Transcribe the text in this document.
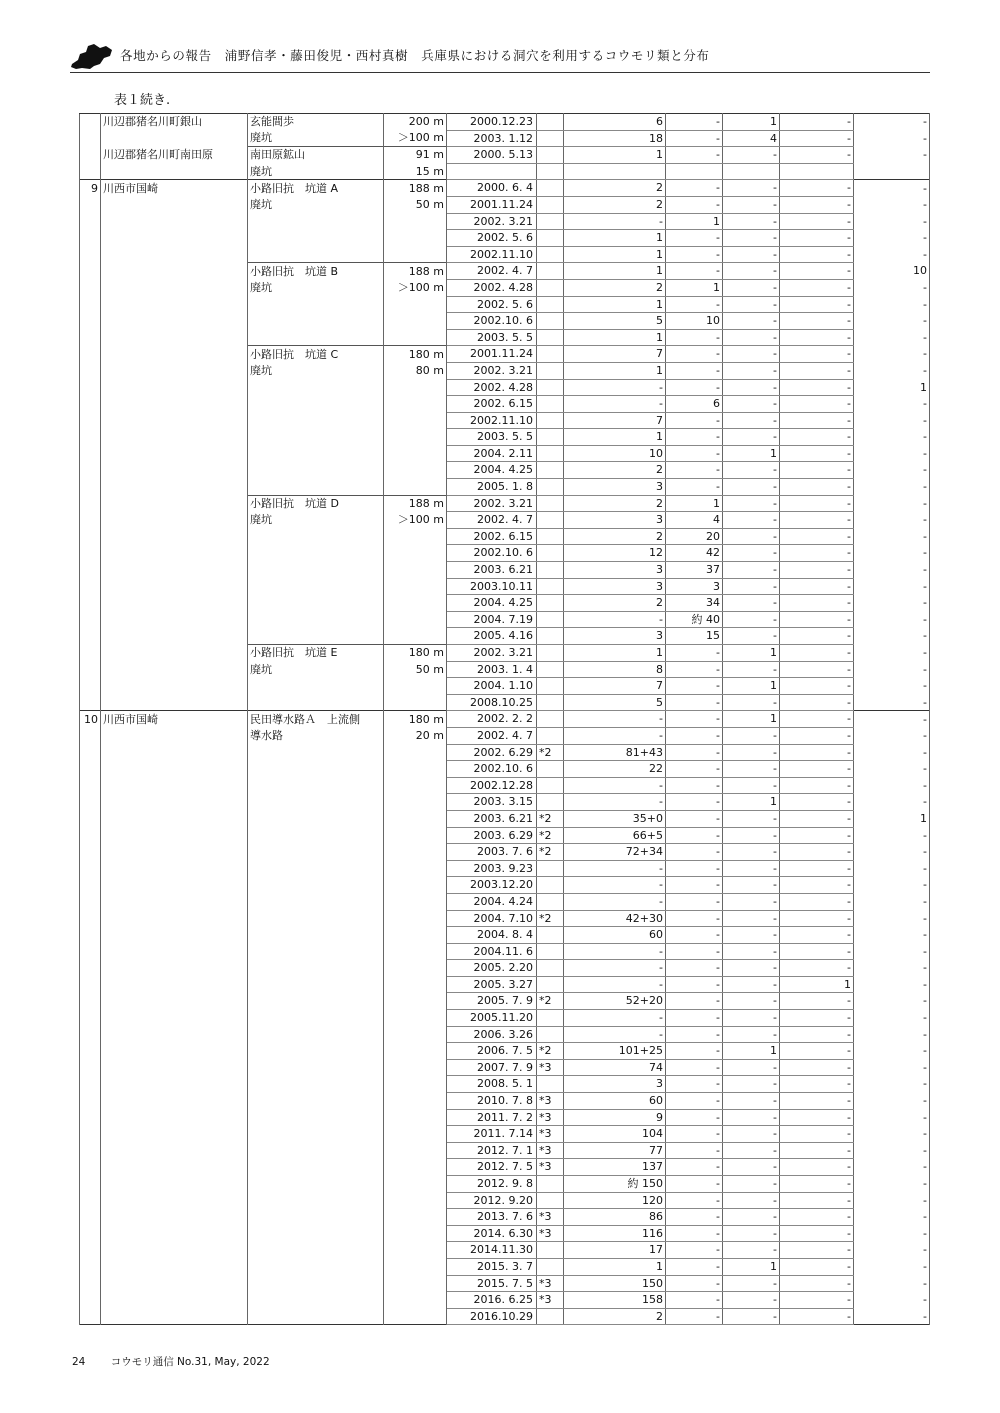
各地からの報告　浦野信孝・藤田俊児・西村真樹　兵庫県における洞穴を利用するコウモリ類と分布
表１続き.
	川辺郡猪名川町銀山	玄能間歩	200 m	2000.12.23		6	-	1	-	-
		廃坑	＞100 m	2003. 1.12		18	-	4	-	-
	川辺郡猪名川町南田原	南田原鉱山	91 m	2000. 5.13		1	-	-	-	-
		廃坑	15 m							
9	川西市国崎	小路旧抗　坑道 A	188 m	2000. 6. 4		2	-	-	-	-
		廃坑	50 m	2001.11.24		2	-	-	-	-
				2002. 3.21		-	1	-	-	-
				2002. 5. 6		1	-	-	-	-
				2002.11.10		1	-	-	-	-
		小路旧抗　坑道 B	188 m	2002. 4. 7		1	-	-	-	10
		廃坑	＞100 m	2002. 4.28		2	1	-	-	-
				2002. 5. 6		1	-	-	-	-
				2002.10. 6		5	10	-	-	-
				2003. 5. 5		1	-	-	-	-
		小路旧抗　坑道 C	180 m	2001.11.24		7	-	-	-	-
		廃坑	80 m	2002. 3.21		1	-	-	-	-
				2002. 4.28		-	-	-	-	1
				2002. 6.15		-	6	-	-	-
				2002.11.10		7	-	-	-	-
				2003. 5. 5		1	-	-	-	-
				2004. 2.11		10	-	1	-	-
				2004. 4.25		2	-	-	-	-
				2005. 1. 8		3	-	-	-	-
		小路旧抗　坑道 D	188 m	2002. 3.21		2	1	-	-	-
		廃坑	＞100 m	2002. 4. 7		3	4	-	-	-
				2002. 6.15		2	20	-	-	-
				2002.10. 6		12	42	-	-	-
				2003. 6.21		3	37	-	-	-
				2003.10.11		3	3	-	-	-
				2004. 4.25		2	34	-	-	-
				2004. 7.19		-	約 40	-	-	-
				2005. 4.16		3	15	-	-	-
		小路旧抗　坑道 E	180 m	2002. 3.21		1	-	1	-	-
		廃坑	50 m	2003. 1. 4		8	-	-	-	-
				2004. 1.10		7	-	1	-	-
				2008.10.25		5	-	-	-	-
10	川西市国崎	民田導水路Ａ　上流側	180 m	2002. 2. 2		-	-	1	-	-
		導水路	20 m	2002. 4. 7		-	-	-	-	-
				2002. 6.29	*2	81+43	-	-	-	-
				2002.10. 6		22	-	-	-	-
				2002.12.28		-	-	-	-	-
				2003. 3.15		-	-	1	-	-
				2003. 6.21	*2	35+0	-	-	-	1
				2003. 6.29	*2	66+5	-	-	-	-
				2003. 7. 6	*2	72+34	-	-	-	-
				2003. 9.23		-	-	-	-	-
				2003.12.20		-	-	-	-	-
				2004. 4.24		-	-	-	-	-
				2004. 7.10	*2	42+30	-	-	-	-
				2004. 8. 4		60	-	-	-	-
				2004.11. 6		-	-	-	-	-
				2005. 2.20		-	-	-	-	-
				2005. 3.27		-	-	-	1	-
				2005. 7. 9	*2	52+20	-	-	-	-
				2005.11.20		-	-	-	-	-
				2006. 3.26		-	-	-	-	-
				2006. 7. 5	*2	101+25	-	1	-	-
				2007. 7. 9	*3	74	-	-	-	-
				2008. 5. 1		3	-	-	-	-
				2010. 7. 8	*3	60	-	-	-	-
				2011. 7. 2	*3	9	-	-	-	-
				2011. 7.14	*3	104	-	-	-	-
				2012. 7. 1	*3	77	-	-	-	-
				2012. 7. 5	*3	137	-	-	-	-
				2012. 9. 8		約 150	-	-	-	-
				2012. 9.20		120	-	-	-	-
				2013. 7. 6	*3	86	-	-	-	-
				2014. 6.30	*3	116	-	-	-	-
				2014.11.30		17	-	-	-	-
				2015. 3. 7		1	-	1	-	-
				2015. 7. 5	*3	150	-	-	-	-
				2016. 6.25	*3	158	-	-	-	-
				2016.10.29		2	-	-	-	-
24 コウモリ通信 No.31, May, 2022
